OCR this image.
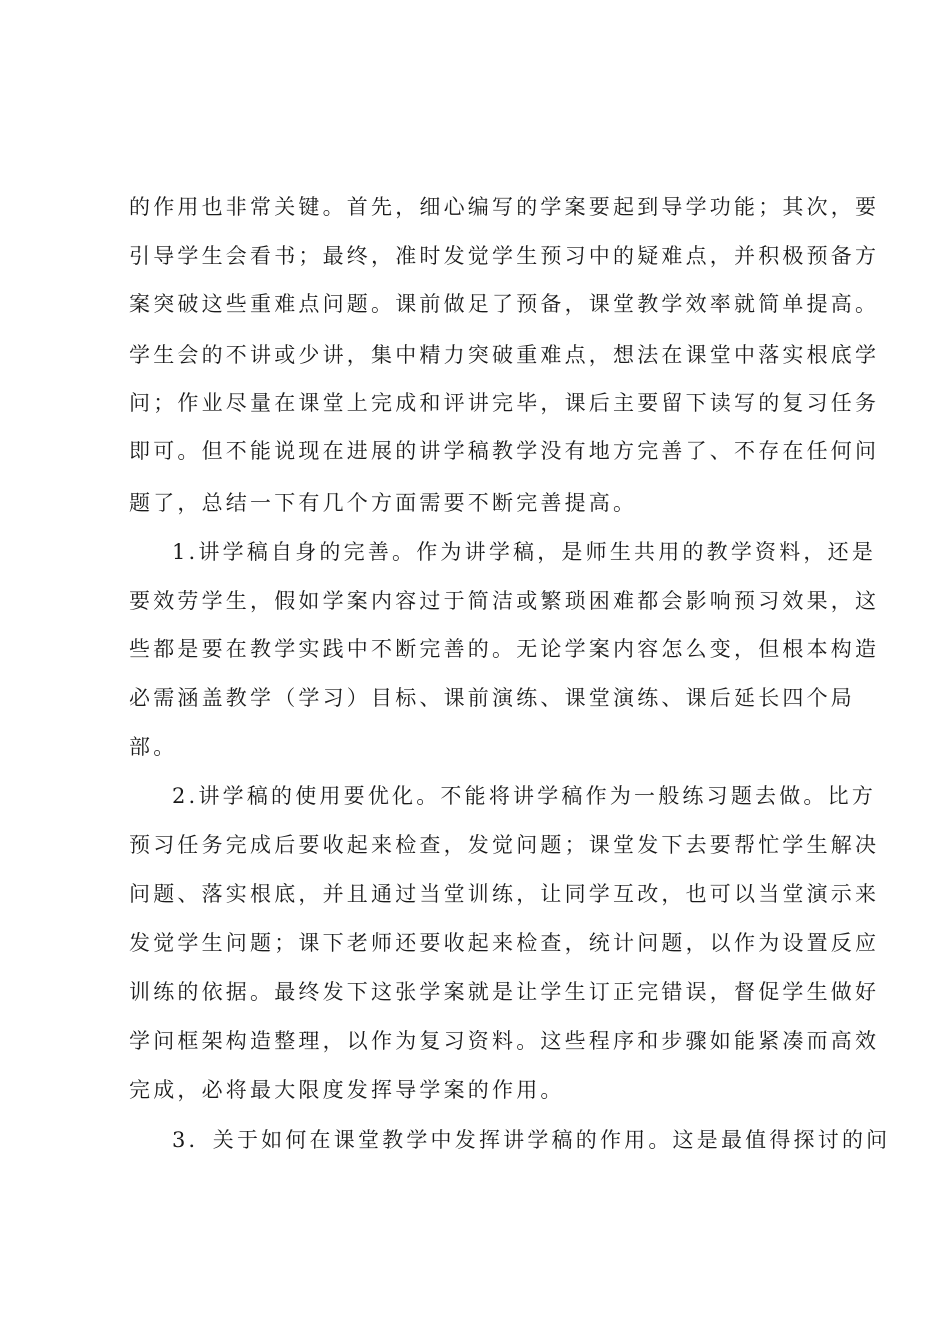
的作用也非常关键。首先，细心编写的学案要起到导学功能；其次，要
引导学生会看书；最终，准时发觉学生预习中的疑难点，并积极预备方
案突破这些重难点问题。课前做足了预备，课堂教学效率就简单提高。
学生会的不讲或少讲，集中精力突破重难点，想法在课堂中落实根底学
问；作业尽量在课堂上完成和评讲完毕，课后主要留下读写的复习任务
即可。但不能说现在进展的讲学稿教学没有地方完善了、不存在任何问
题了，总结一下有几个方面需要不断完善提高。
1.讲学稿自身的完善。作为讲学稿，是师生共用的教学资料，还是
要效劳学生，假如学案内容过于简洁或繁琐困难都会影响预习效果，这
些都是要在教学实践中不断完善的。无论学案内容怎么变，但根本构造
必需涵盖教学（学习）目标、课前演练、课堂演练、课后延长四个局
部。
2.讲学稿的使用要优化。不能将讲学稿作为一般练习题去做。比方
预习任务完成后要收起来检查，发觉问题；课堂发下去要帮忙学生解决
问题、落实根底，并且通过当堂训练，让同学互改，也可以当堂演示来
发觉学生问题；课下老师还要收起来检查，统计问题，以作为设置反应
训练的依据。最终发下这张学案就是让学生订正完错误，督促学生做好
学问框架构造整理，以作为复习资料。这些程序和步骤如能紧凑而高效
完成，必将最大限度发挥导学案的作用。
3．关于如何在课堂教学中发挥讲学稿的作用。这是最值得探讨的问
